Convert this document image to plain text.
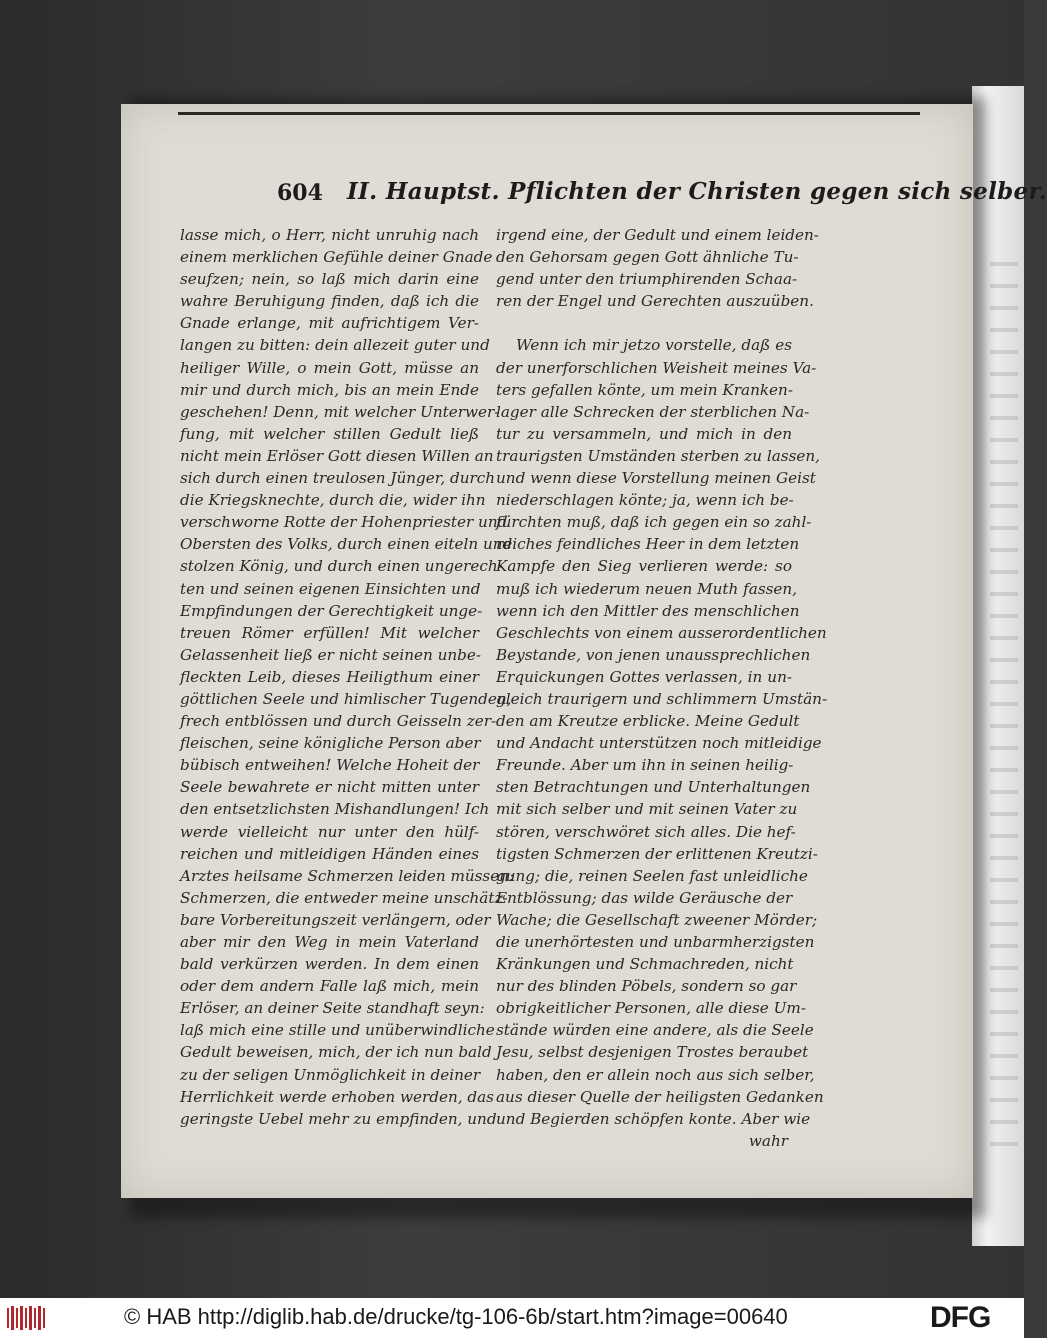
604 II. Hauptst. Pflichten der Christen gegen sich selber.
lasse mich, o Herr, nicht unruhig nach
einem merklichen Gefühle deiner Gnade
seufzen; nein, so laß mich darin eine
wahre Beruhigung finden, daß ich die
Gnade erlange, mit aufrichtigem Ver-
langen zu bitten: dein allezeit guter und
heiliger Wille, o mein Gott, müsse an
mir und durch mich, bis an mein Ende
geschehen! Denn, mit welcher Unterwer-
fung, mit welcher stillen Gedult ließ
nicht mein Erlöser Gott diesen Willen an
sich durch einen treulosen Jünger, durch
die Kriegsknechte, durch die, wider ihn
verschworne Rotte der Hohenpriester und
Obersten des Volks, durch einen eiteln und
stolzen König, und durch einen ungerech-
ten und seinen eigenen Einsichten und
Empfindungen der Gerechtigkeit unge-
treuen Römer erfüllen! Mit welcher
Gelassenheit ließ er nicht seinen unbe-
fleckten Leib, dieses Heiligthum einer
göttlichen Seele und himlischer Tugenden,
frech entblössen und durch Geisseln zer-
fleischen, seine königliche Person aber
bübisch entweihen! Welche Hoheit der
Seele bewahrete er nicht mitten unter
den entsetzlichsten Mishandlungen! Ich
werde vielleicht nur unter den hülf-
reichen und mitleidigen Händen eines
Arztes heilsame Schmerzen leiden müssen:
Schmerzen, die entweder meine unschätz-
bare Vorbereitungszeit verlängern, oder
aber mir den Weg in mein Vaterland
bald verkürzen werden. In dem einen
oder dem andern Falle laß mich, mein
Erlöser, an deiner Seite standhaft seyn:
laß mich eine stille und unüberwindliche
Gedult beweisen, mich, der ich nun bald
zu der seligen Unmöglichkeit in deiner
Herrlichkeit werde erhoben werden, das
geringste Uebel mehr zu empfinden, und
irgend eine, der Gedult und einem leiden-
den Gehorsam gegen Gott ähnliche Tu-
gend unter den triumphirenden Schaa-
ren der Engel und Gerechten auszuüben.
Wenn ich mir jetzo vorstelle, daß es
der unerforschlichen Weisheit meines Va-
ters gefallen könte, um mein Kranken-
lager alle Schrecken der sterblichen Na-
tur zu versammeln, und mich in den
traurigsten Umständen sterben zu lassen,
und wenn diese Vorstellung meinen Geist
niederschlagen könte; ja, wenn ich be-
fürchten muß, daß ich gegen ein so zahl-
reiches feindliches Heer in dem letzten
Kampfe den Sieg verlieren werde: so
muß ich wiederum neuen Muth fassen,
wenn ich den Mittler des menschlichen
Geschlechts von einem ausserordentlichen
Beystande, von jenen unaussprechlichen
Erquickungen Gottes verlassen, in un-
gleich traurigern und schlimmern Umstän-
den am Kreutze erblicke. Meine Gedult
und Andacht unterstützen noch mitleidige
Freunde. Aber um ihn in seinen heilig-
sten Betrachtungen und Unterhaltungen
mit sich selber und mit seinen Vater zu
stören, verschwöret sich alles. Die hef-
tigsten Schmerzen der erlittenen Kreutzi-
gung; die, reinen Seelen fast unleidliche
Entblössung; das wilde Geräusche der
Wache; die Gesellschaft zweener Mörder;
die unerhörtesten und unbarmherzigsten
Kränkungen und Schmachreden, nicht
nur des blinden Pöbels, sondern so gar
obrigkeitlicher Personen, alle diese Um-
stände würden eine andere, als die Seele
Jesu, selbst desjenigen Trostes beraubet
haben, den er allein noch aus sich selber,
aus dieser Quelle der heiligsten Gedanken
und Begierden schöpfen konte. Aber wie
wahr
© HAB http://diglib.hab.de/drucke/tg-106-6b/start.htm?image=00640	DFG
